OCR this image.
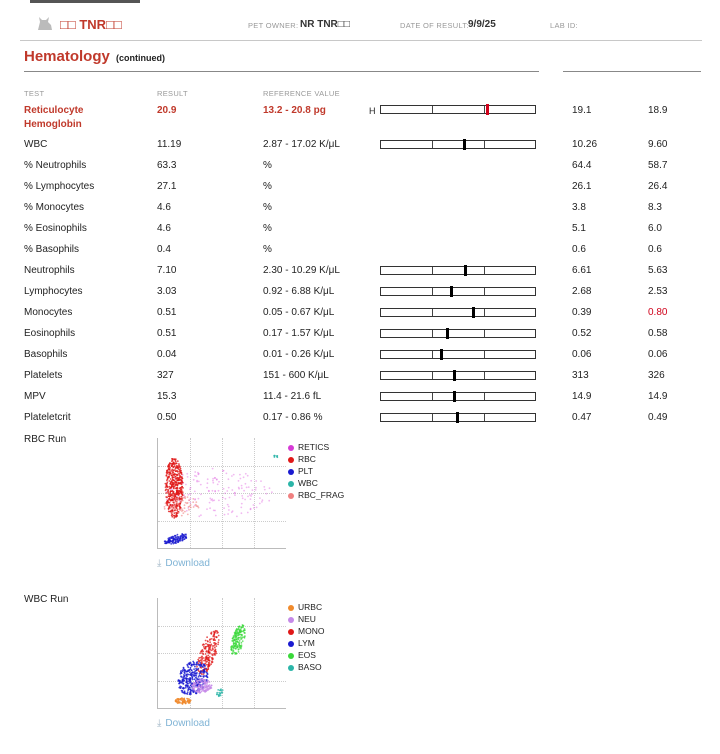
□□ TNR□□	PET OWNER: NR TNR□□	DATE OF RESULT: 9/9/25	LAB ID:
Hematology (continued)
TEST	RESULT	REFERENCE VALUE
Reticulocyte
Hemoglobin
20.9	13.2 - 20.8 pg	H	19.1	18.9
WBC	11.19	2.87 - 17.02 K/μL	10.26	9.60
% Neutrophils	63.3	%	64.4	58.7
% Lymphocytes	27.1	%	26.1	26.4
% Monocytes	4.6	%	3.8	8.3
% Eosinophils	4.6	%	5.1	6.0
% Basophils	0.4	%	0.6	0.6
Neutrophils	7.10	2.30 - 10.29 K/μL	6.61	5.63
Lymphocytes	3.03	0.92 - 6.88 K/μL	2.68	2.53
Monocytes	0.51	0.05 - 0.67 K/μL	0.39	0.80
Eosinophils	0.51	0.17 - 1.57 K/μL	0.52	0.58
Basophils	0.04	0.01 - 0.26 K/μL	0.06	0.06
Platelets	327	151 - 600 K/μL	313	326
MPV	15.3	11.4 - 21.6 fL	14.9	14.9
Plateletcrit	0.50	0.17 - 0.86 %	0.47	0.49
RBC Run
RETICS
RBC
PLT
WBC
RBC_FRAG
⤓ Download
WBC Run
URBC
NEU
MONO
LYM
EOS
BASO
⤓ Download
